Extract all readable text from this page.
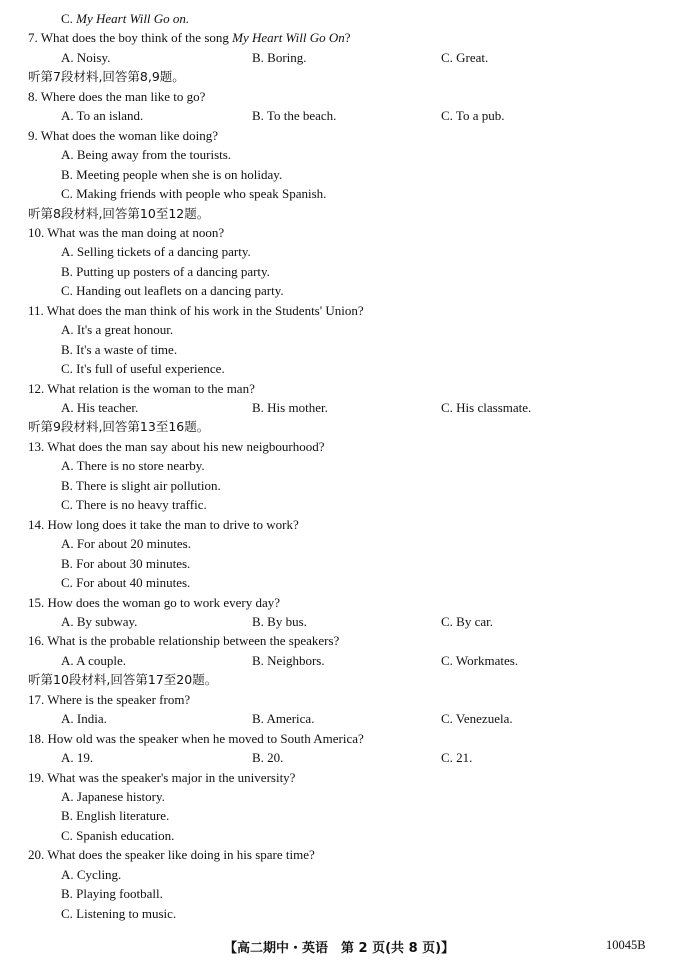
C. My Heart Will Go on.
7. What does the boy think of the song My Heart Will Go On?
A. Noisy.	B. Boring.	C. Great.
听第7段材料,回答第8,9题。
8. Where does the man like to go?
A. To an island.	B. To the beach.	C. To a pub.
9. What does the woman like doing?
A. Being away from the tourists.
B. Meeting people when she is on holiday.
C. Making friends with people who speak Spanish.
听第8段材料,回答第10至12题。
10. What was the man doing at noon?
A. Selling tickets of a dancing party.
B. Putting up posters of a dancing party.
C. Handing out leaflets on a dancing party.
11. What does the man think of his work in the Students' Union?
A. It's a great honour.
B. It's a waste of time.
C. It's full of useful experience.
12. What relation is the woman to the man?
A. His teacher.	B. His mother.	C. His classmate.
听第9段材料,回答第13至16题。
13. What does the man say about his new neigbourhood?
A. There is no store nearby.
B. There is slight air pollution.
C. There is no heavy traffic.
14. How long does it take the man to drive to work?
A. For about 20 minutes.
B. For about 30 minutes.
C. For about 40 minutes.
15. How does the woman go to work every day?
A. By subway.	B. By bus.	C. By car.
16. What is the probable relationship between the speakers?
A. A couple.	B. Neighbors.	C. Workmates.
听第10段材料,回答第17至20题。
17. Where is the speaker from?
A. India.	B. America.	C. Venezuela.
18. How old was the speaker when he moved to South America?
A. 19.	B. 20.	C. 21.
19. What was the speaker's major in the university?
A. Japanese history.
B. English literature.
C. Spanish education.
20. What does the speaker like doing in his spare time?
A. Cycling.
B. Playing football.
C. Listening to music.
【高二期中・英语　第 2 页(共 8 页)】	10045B
